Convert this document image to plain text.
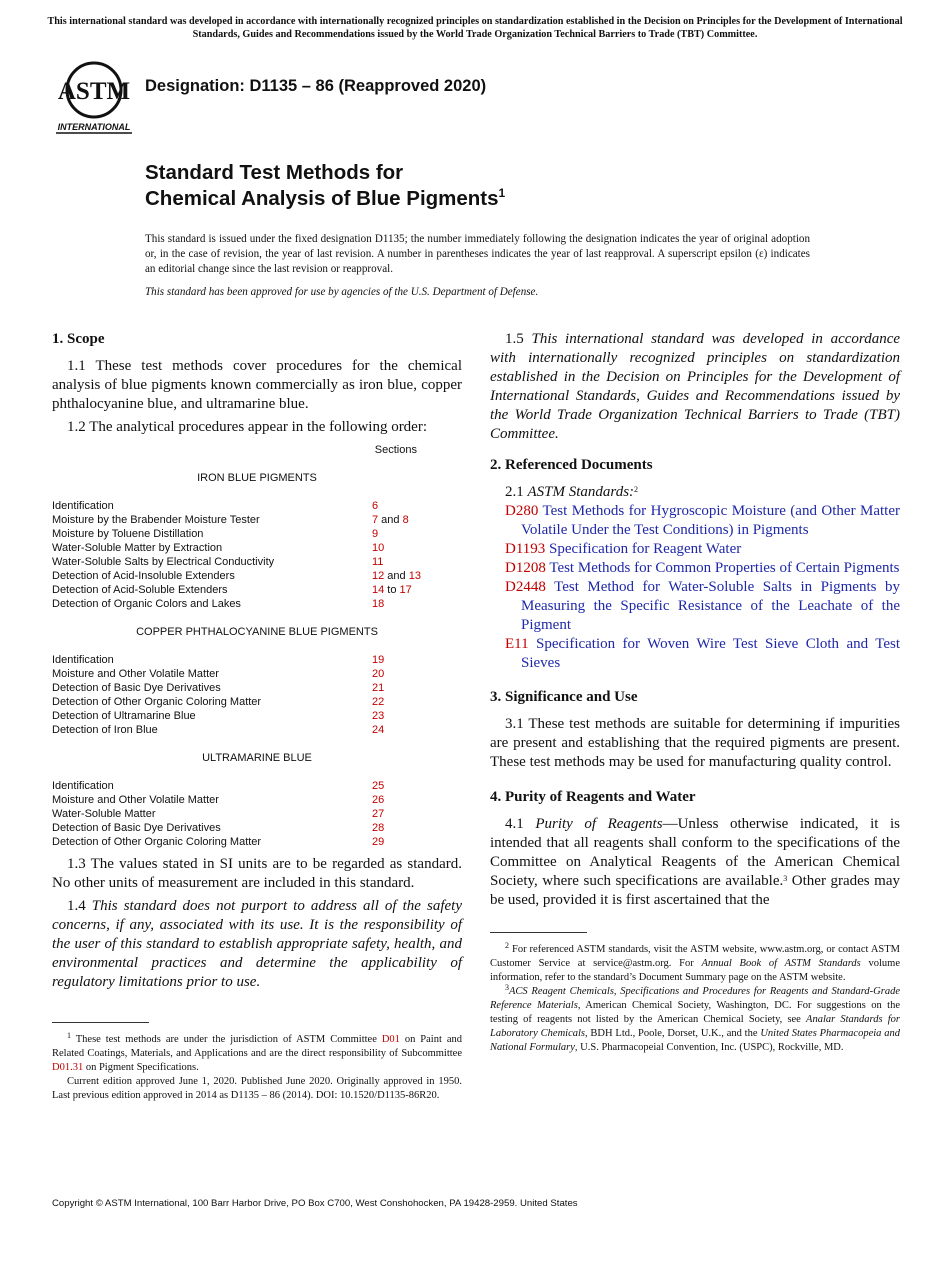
This international standard was developed in accordance with internationally recognized principles on standardization established in the Decision on Principles for the Development of International Standards, Guides and Recommendations issued by the World Trade Organization Technical Barriers to Trade (TBT) Committee.
ASTM
INTERNATIONAL
Designation: D1135 – 86 (Reapproved 2020)
Standard Test Methods for
Chemical Analysis of Blue Pigments$^1$

This standard is issued under the fixed designation D1135; the number immediately following the designation indicates the year of original adoption or, in the case of revision, the year of last revision. A number in parentheses indicates the year of last reapproval. A superscript epsilon (ε) indicates an editorial change since the last revision or reapproval.

This standard has been approved for use by agencies of the U.S. Department of Defense.

1. Scope

1.1 These test methods cover procedures for the chemical analysis of blue pigments known commercially as iron blue, copper phthalocyanine blue, and ultramarine blue.

1.2 The analytical procedures appear in the following order:

Sections
IRON BLUE PIGMENTS
Identification	6
Moisture by the Brabender Moisture Tester	7 and 8
Moisture by Toluene Distillation	9
Water-Soluble Matter by Extraction	10
Water-Soluble Salts by Electrical Conductivity	11
Detection of Acid-Insoluble Extenders	12 and 13
Detection of Acid-Soluble Extenders	14 to 17
Detection of Organic Colors and Lakes	18
COPPER PHTHALOCYANINE BLUE PIGMENTS
Identification	19
Moisture and Other Volatile Matter	20
Detection of Basic Dye Derivatives	21
Detection of Other Organic Coloring Matter	22
Detection of Ultramarine Blue	23
Detection of Iron Blue	24
ULTRAMARINE BLUE
Identification	25
Moisture and Other Volatile Matter	26
Water-Soluble Matter	27
Detection of Basic Dye Derivatives	28
Detection of Other Organic Coloring Matter	29

1.3 The values stated in SI units are to be regarded as standard. No other units of measurement are included in this standard.

1.4 This standard does not purport to address all of the safety concerns, if any, associated with its use. It is the responsibility of the user of this standard to establish appropriate safety, health, and environmental practices and determine the applicability of regulatory limitations prior to use.

$^1$ These test methods are under the jurisdiction of ASTM Committee D01 on Paint and Related Coatings, Materials, and Applications and are the direct responsibility of Subcommittee D01.31 on Pigment Specifications.

Current edition approved June 1, 2020. Published June 2020. Originally approved in 1950. Last previous edition approved in 2014 as D1135 – 86 (2014). DOI: 10.1520/D1135-86R20.

1.5 This international standard was developed in accordance with internationally recognized principles on standardization established in the Decision on Principles for the Development of International Standards, Guides and Recommendations issued by the World Trade Organization Technical Barriers to Trade (TBT) Committee.

2. Referenced Documents

2.1 ASTM Standards:$^2$

D280 Test Methods for Hygroscopic Moisture (and Other Matter Volatile Under the Test Conditions) in Pigments
D1193 Specification for Reagent Water
D1208 Test Methods for Common Properties of Certain Pigments
D2448 Test Method for Water-Soluble Salts in Pigments by Measuring the Specific Resistance of the Leachate of the Pigment
E11 Specification for Woven Wire Test Sieve Cloth and Test Sieves
3. Significance and Use

3.1 These test methods are suitable for determining if impurities are present and establishing that the required pigments are present. These test methods may be used for manufacturing quality control.

4. Purity of Reagents and Water

4.1 Purity of Reagents—Unless otherwise indicated, it is intended that all reagents shall conform to the specifications of the Committee on Analytical Reagents of the American Chemical Society, where such specifications are available.$^3$ Other grades may be used, provided it is first ascertained that the

$^2$ For referenced ASTM standards, visit the ASTM website, www.astm.org, or contact ASTM Customer Service at service@astm.org. For Annual Book of ASTM Standards volume information, refer to the standard’s Document Summary page on the ASTM website.

$^3$ACS Reagent Chemicals, Specifications and Procedures for Reagents and Standard-Grade Reference Materials, American Chemical Society, Washington, DC. For suggestions on the testing of reagents not listed by the American Chemical Society, see Analar Standards for Laboratory Chemicals, BDH Ltd., Poole, Dorset, U.K., and the United States Pharmacopeia and National Formulary, U.S. Pharmacopeial Convention, Inc. (USPC), Rockville, MD.

Copyright © ASTM International, 100 Barr Harbor Drive, PO Box C700, West Conshohocken, PA 19428-2959. United States
